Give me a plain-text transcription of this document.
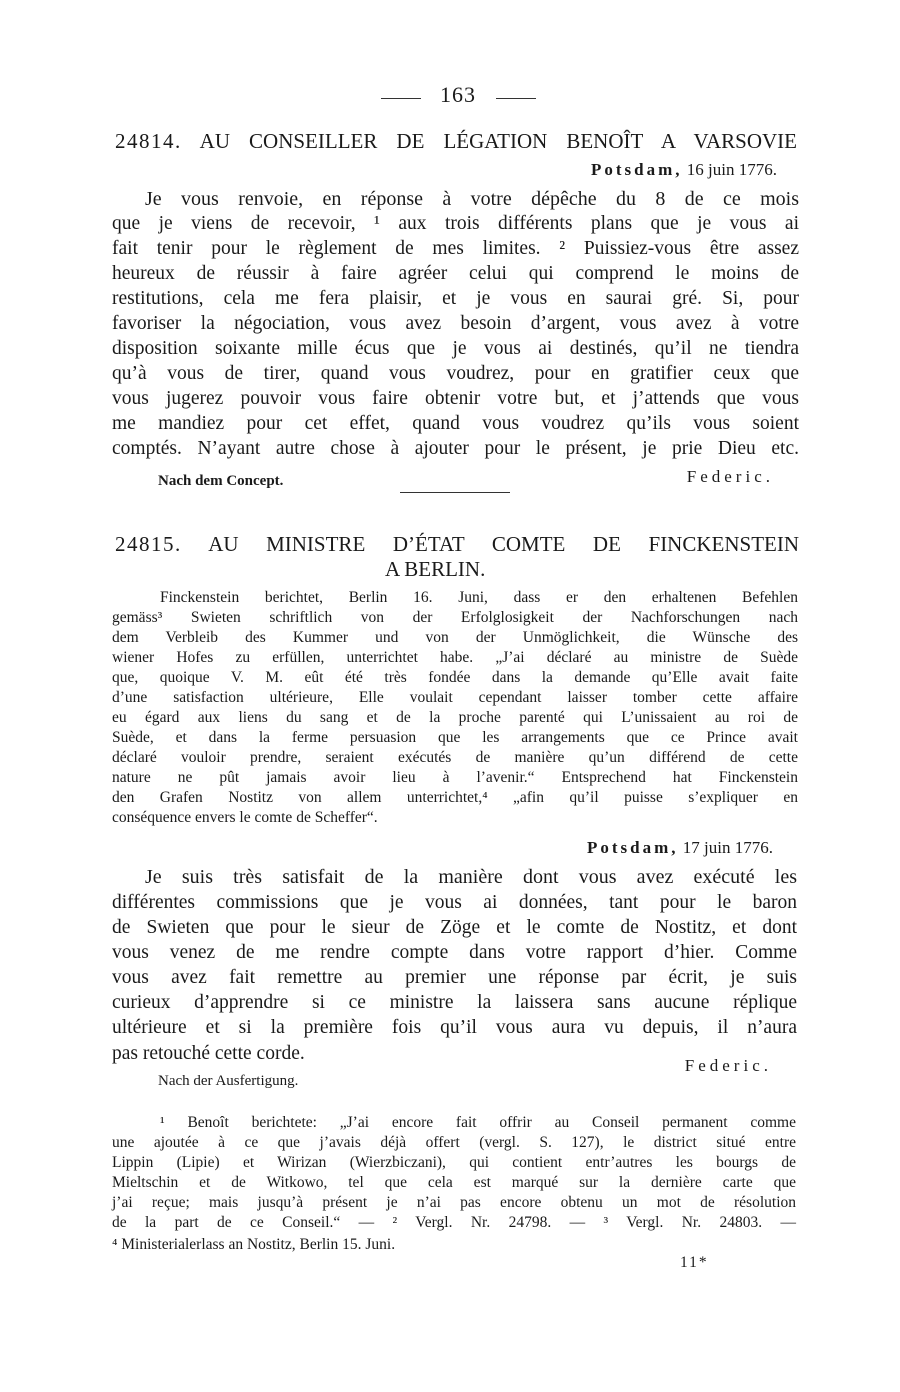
163
24814. AU CONSEILLER DE LÉGATION BENOÎT A VARSOVIE
Potsdam, 16 juin 1776.
Je vous renvoie, en réponse à votre dépêche du 8 de ce mois
que je viens de recevoir, ¹ aux trois différents plans que je vous ai
fait tenir pour le règlement de mes limites. ² Puissiez-vous être assez
heureux de réussir à faire agréer celui qui comprend le moins de
restitutions, cela me fera plaisir, et je vous en saurai gré. Si, pour
favoriser la négociation, vous avez besoin d’argent, vous avez à votre
disposition soixante mille écus que je vous ai destinés, qu’il ne tiendra
qu’à vous de tirer, quand vous voudrez, pour en gratifier ceux que
vous jugerez pouvoir vous faire obtenir votre but, et j’attends que vous
me mandiez pour cet effet, quand vous voudrez qu’ils vous soient
comptés. N’ayant autre chose à ajouter pour le présent, je prie Dieu etc.
Nach dem Concept.	Federic.
24815. AU MINISTRE D’ÉTAT COMTE DE FINCKENSTEIN
A BERLIN.
Finckenstein berichtet, Berlin 16. Juni, dass er den erhaltenen Befehlen
gemäss³ Swieten schriftlich von der Erfolglosigkeit der Nachforschungen nach
dem Verbleib des Kummer und von der Unmöglichkeit, die Wünsche des
wiener Hofes zu erfüllen, unterrichtet habe. „J’ai déclaré au ministre de Suède
que, quoique V. M. eût été très fondée dans la demande qu’Elle avait faite
d’une satisfaction ultérieure, Elle voulait cependant laisser tomber cette affaire
eu égard aux liens du sang et de la proche parenté qui L’unissaient au roi de
Suède, et dans la ferme persuasion que les arrangements que ce Prince avait
déclaré vouloir prendre, seraient exécutés de manière qu’un différend de cette
nature ne pût jamais avoir lieu à l’avenir.“ Entsprechend hat Finckenstein
den Grafen Nostitz von allem unterrichtet,⁴ „afin qu’il puisse s’expliquer en
conséquence envers le comte de Scheffer“.
Potsdam, 17 juin 1776.
Je suis très satisfait de la manière dont vous avez exécuté les
différentes commissions que je vous ai données, tant pour le baron
de Swieten que pour le sieur de Zöge et le comte de Nostitz, et dont
vous venez de me rendre compte dans votre rapport d’hier. Comme
vous avez fait remettre au premier une réponse par écrit, je suis
curieux d’apprendre si ce ministre la laissera sans aucune réplique
ultérieure et si la première fois qu’il vous aura vu depuis, il n’aura
pas retouché cette corde.
Federic.
Nach der Ausfertigung.
¹ Benoît berichtete: „J’ai encore fait offrir au Conseil permanent comme
une ajoutée à ce que j’avais déjà offert (vergl. S. 127), le district situé entre
Lippin (Lipie) et Wirizan (Wierzbiczani), qui contient entr’autres les bourgs de
Mieltschin et de Witkowo, tel que cela est marqué sur la dernière carte que
j’ai reçue; mais jusqu’à présent je n’ai pas encore obtenu un mot de résolution
de la part de ce Conseil.“ — ² Vergl. Nr. 24798. — ³ Vergl. Nr. 24803. —
⁴ Ministerialerlass an Nostitz, Berlin 15. Juni.
11*
